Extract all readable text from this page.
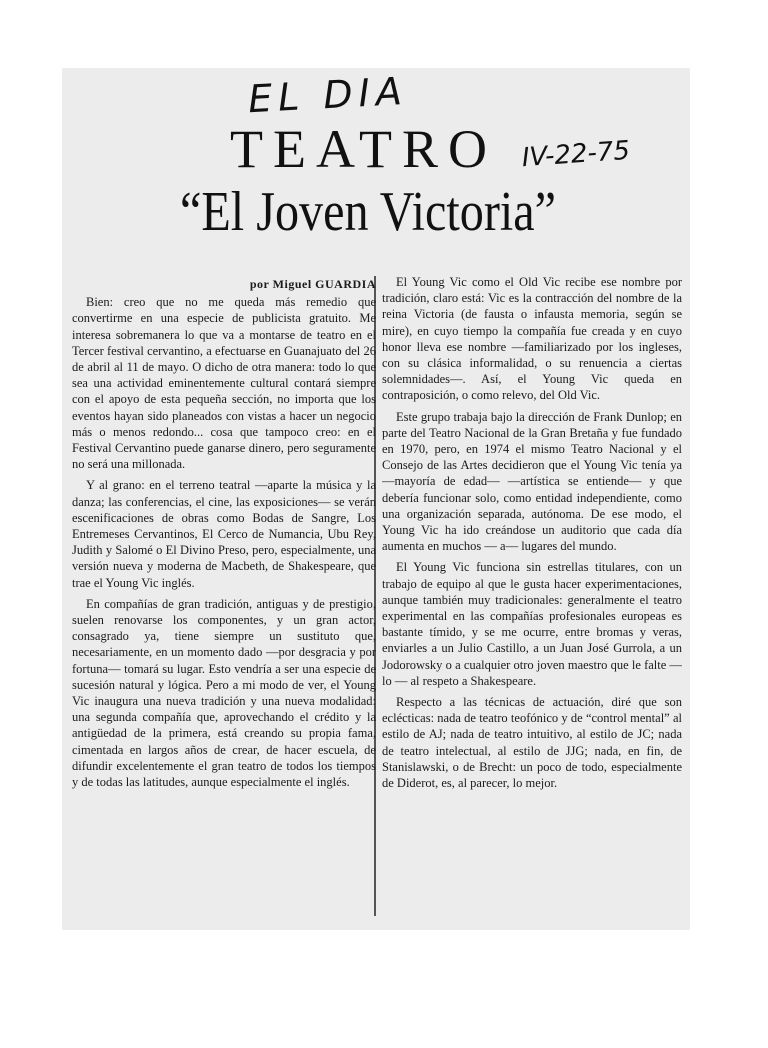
EL DIA
IV-22-75
TEATRO
“El Joven Victoria”
por Miguel GUARDIA

Bien: creo que no me queda más remedio que convertirme en una especie de publicista gratuito. Me interesa sobremanera lo que va a montarse de teatro en el Tercer festival cervantino, a efectuarse en Guanajuato del 26 de abril al 11 de mayo. O dicho de otra manera: todo lo que sea una actividad eminentemente cultural contará siempre con el apoyo de esta pequeña sección, no importa que los eventos hayan sido planeados con vistas a hacer un negocio más o menos redondo... cosa que tampoco creo: en el Festival Cervantino puede ganarse dinero, pero seguramente no será una millonada.

Y al grano: en el terreno teatral —aparte la música y la danza; las conferencias, el cine, las exposiciones— se verán escenificaciones de obras como Bodas de Sangre, Los Entremeses Cervantinos, El Cerco de Numancia, Ubu Rey, Judith y Salomé o El Divino Preso, pero, especialmente, una versión nueva y moderna de Macbeth, de Shakespeare, que trae el Young Vic inglés.

En compañías de gran tradición, antiguas y de prestigio, suelen renovarse los componentes, y un gran actor, consagrado ya, tiene siempre un sustituto que, necesariamente, en un momento dado —por desgracia y por fortuna— tomará su lugar. Esto vendría a ser una especie de sucesión natural y lógica. Pero a mi modo de ver, el Young Vic inaugura una nueva tradición y una nueva modalidad: una segunda compañía que, aprovechando el crédito y la antigüedad de la primera, está creando su propia fama, cimentada en largos años de crear, de hacer escuela, de difundir excelentemente el gran teatro de todos los tiempos y de todas las latitudes, aunque especialmente el inglés.

El Young Vic como el Old Vic recibe ese nombre por tradición, claro está: Vic es la contracción del nombre de la reina Victoria (de fausta o infausta memoria, según se mire), en cuyo tiempo la compañía fue creada y en cuyo honor lleva ese nombre —familiarizado por los ingleses, con su clásica informalidad, o su renuencia a ciertas solemnidades—. Así, el Young Vic queda en contraposición, o como relevo, del Old Vic.

Este grupo trabaja bajo la dirección de Frank Dunlop; en parte del Teatro Nacional de la Gran Bretaña y fue fundado en 1970, pero, en 1974 el mismo Teatro Nacional y el Consejo de las Artes decidieron que el Young Vic tenía ya —mayoría de edad— —artística se entiende— y que debería funcionar solo, como entidad independiente, como una organización separada, autónoma. De ese modo, el Young Vic ha ido creándose un auditorio que cada día aumenta en muchos — a— lugares del mundo.

El Young Vic funciona sin estrellas titulares, con un trabajo de equipo al que le gusta hacer experimentaciones, aunque también muy tradicionales: generalmente el teatro experimental en las compañías profesionales europeas es bastante tímido, y se me ocurre, entre bromas y veras, enviarles a un Julio Castillo, a un Juan José Gurrola, a un Jodorowsky o a cualquier otro joven maestro que le falte — lo — al respeto a Shakespeare.

Respecto a las técnicas de actuación, diré que son eclécticas: nada de teatro teofónico y de “control mental” al estilo de AJ; nada de teatro intuitivo, al estilo de JC; nada de teatro intelectual, al estilo de JJG; nada, en fin, de Stanislawski, o de Brecht: un poco de todo, especialmente de Diderot, es, al parecer, lo mejor.
